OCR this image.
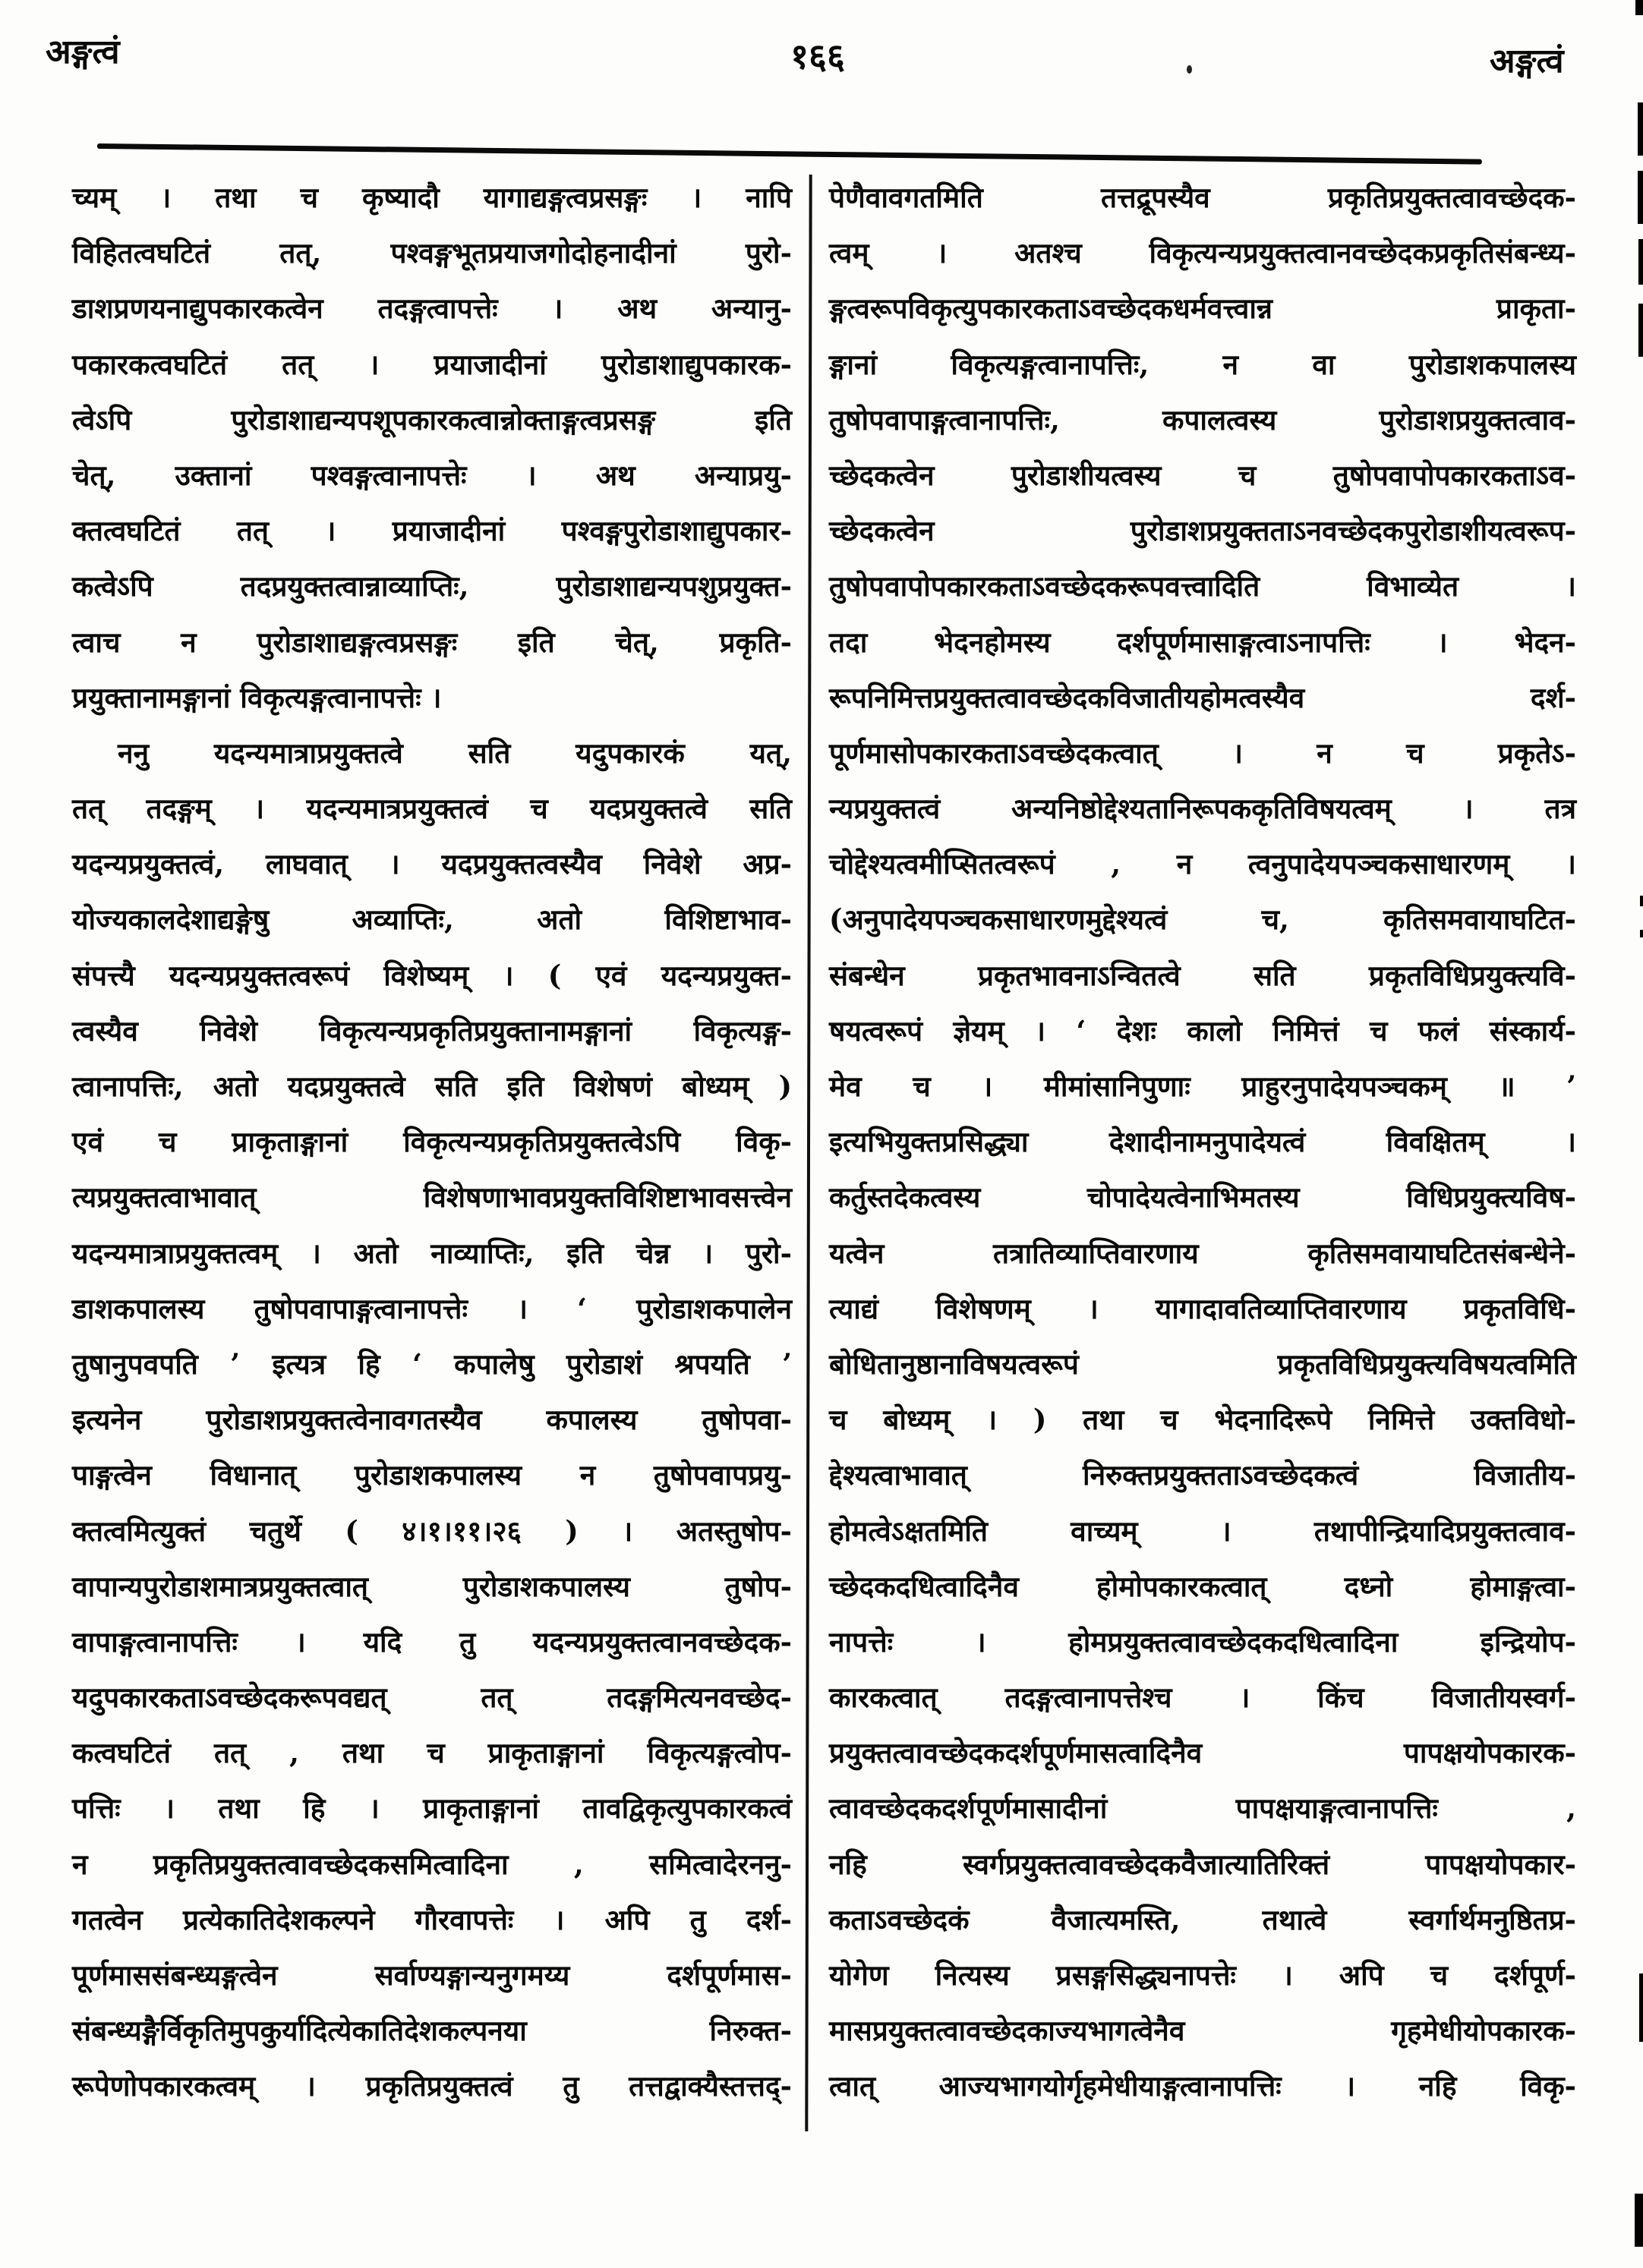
अङ्गत्वं	१६६	अङ्गत्वं
च्यम् । तथा च कृष्यादौ यागाद्यङ्गत्वप्रसङ्गः । नापि
विहितत्वघटितं तत्, पश्वङ्गभूतप्रयाजगोदोहनादीनां पुरो-
डाशप्रणयनाद्युपकारकत्वेन तदङ्गत्वापत्तेः । अथ अन्यानु-
पकारकत्वघटितं तत् । प्रयाजादीनां पुरोडाशाद्युपकारक-
त्वेऽपि पुरोडाशाद्यन्यपशूपकारकत्वान्नोक्ताङ्गत्वप्रसङ्ग इति
चेत्, उक्तानां पश्वङ्गत्वानापत्तेः । अथ अन्याप्रयु-
क्तत्वघटितं तत् । प्रयाजादीनां पश्वङ्गपुरोडाशाद्युपकार-
कत्वेऽपि तदप्रयुक्तत्वान्नाव्याप्तिः, पुरोडाशाद्यन्यपशुप्रयुक्त-
त्वाच न पुरोडाशाद्यङ्गत्वप्रसङ्गः इति चेत्, प्रकृति-
प्रयुक्तानामङ्गानां विकृत्यङ्गत्वानापत्तेः ।
ननु यदन्यमात्राप्रयुक्तत्वे सति यदुपकारकं यत्,
तत् तदङ्गम् । यदन्यमात्रप्रयुक्तत्वं च यदप्रयुक्तत्वे सति
यदन्यप्रयुक्तत्वं, लाघवात् । यदप्रयुक्तत्वस्यैव निवेशे अप्र-
योज्यकालदेशाद्यङ्गेषु अव्याप्तिः, अतो विशिष्टाभाव-
संपत्त्यै यदन्यप्रयुक्तत्वरूपं विशेष्यम् । ( एवं यदन्यप्रयुक्त-
त्वस्यैव निवेशे विकृत्यन्यप्रकृतिप्रयुक्तानामङ्गानां विकृत्यङ्ग-
त्वानापत्तिः, अतो यदप्रयुक्तत्वे सति इति विशेषणं बोध्यम् )
एवं च प्राकृताङ्गानां विकृत्यन्यप्रकृतिप्रयुक्तत्वेऽपि विकृ-
त्यप्रयुक्तत्वाभावात् विशेषणाभावप्रयुक्तविशिष्टाभावसत्त्वेन
यदन्यमात्राप्रयुक्तत्वम् । अतो नाव्याप्तिः, इति चेन्न । पुरो-
डाशकपालस्य तुषोपवापाङ्गत्वानापत्तेः । ‘ पुरोडाशकपालेन
तुषानुपवपति ’ इत्यत्र हि ‘ कपालेषु पुरोडाशं श्रपयति ’
इत्यनेन पुरोडाशप्रयुक्तत्वेनावगतस्यैव कपालस्य तुषोपवा-
पाङ्गत्वेन विधानात् पुरोडाशकपालस्य न तुषोपवापप्रयु-
क्तत्वमित्युक्तं चतुर्थे ( ४।१।११।२६ ) । अतस्तुषोप-
वापान्यपुरोडाशमात्रप्रयुक्तत्वात् पुरोडाशकपालस्य तुषोप-
वापाङ्गत्वानापत्तिः । यदि तु यदन्यप्रयुक्तत्वानवच्छेदक-
यदुपकारकताऽवच्छेदकरूपवद्यत् तत् तदङ्गमित्यनवच्छेद-
कत्वघटितं तत् , तथा च प्राकृताङ्गानां विकृत्यङ्गत्वोप-
पत्तिः । तथा हि । प्राकृताङ्गानां तावद्विकृत्युपकारकत्वं
न प्रकृतिप्रयुक्तत्वावच्छेदकसमित्वादिना , समित्वादेरननु-
गतत्वेन प्रत्येकातिदेशकल्पने गौरवापत्तेः । अपि तु दर्श-
पूर्णमाससंबन्ध्यङ्गत्वेन सर्वाण्यङ्गान्यनुगमय्य दर्शपूर्णमास-
संबन्ध्यङ्गैर्विकृतिमुपकुर्यादित्येकातिदेशकल्पनया निरुक्त-
रूपेणोपकारकत्वम् । प्रकृतिप्रयुक्तत्वं तु तत्तद्वाक्यैस्तत्तद्-
पेणैवावगतमिति तत्तद्रूपस्यैव प्रकृतिप्रयुक्तत्वावच्छेदक-
त्वम् । अतश्च विकृत्यन्यप्रयुक्तत्वानवच्छेदकप्रकृतिसंबन्ध्य-
ङ्गत्वरूपविकृत्युपकारकताऽवच्छेदकधर्मवत्त्वान्न प्राकृता-
ङ्गानां विकृत्यङ्गत्वानापत्तिः, न वा पुरोडाशकपालस्य
तुषोपवापाङ्गत्वानापत्तिः, कपालत्वस्य पुरोडाशप्रयुक्तत्वाव-
च्छेदकत्वेन पुरोडाशीयत्वस्य च तुषोपवापोपकारकताऽव-
च्छेदकत्वेन पुरोडाशप्रयुक्तताऽनवच्छेदकपुरोडाशीयत्वरूप-
तुषोपवापोपकारकताऽवच्छेदकरूपवत्त्वादिति विभाव्येत ।
तदा भेदनहोमस्य दर्शपूर्णमासाङ्गत्वाऽनापत्तिः । भेदन-
रूपनिमित्तप्रयुक्तत्वावच्छेदकविजातीयहोमत्वस्यैव दर्श-
पूर्णमासोपकारकताऽवच्छेदकत्वात् । न च प्रकृतेऽ-
न्यप्रयुक्तत्वं अन्यनिष्ठोद्देश्यतानिरूपककृतिविषयत्वम् । तत्र
चोद्देश्यत्वमीप्सितत्वरूपं , न त्वनुपादेयपञ्चकसाधारणम् ।
(अनुपादेयपञ्चकसाधारणमुद्देश्यत्वं च, कृतिसमवायाघटित-
संबन्धेन प्रकृतभावनाऽन्वितत्वे सति प्रकृतविधिप्रयुक्त्यवि-
षयत्वरूपं ज्ञेयम् । ‘ देशः कालो निमित्तं च फलं संस्कार्य-
मेव च । मीमांसानिपुणाः प्राहुरनुपादेयपञ्चकम् ॥ ’
इत्यभियुक्तप्रसिद्ध्या देशादीनामनुपादेयत्वं विवक्षितम् ।
कर्तुस्तदेकत्वस्य चोपादेयत्वेनाभिमतस्य विधिप्रयुक्त्यविष-
यत्वेन तत्रातिव्याप्तिवारणाय कृतिसमवायाघटितसंबन्धेने-
त्याद्यं विशेषणम् । यागादावतिव्याप्तिवारणाय प्रकृतविधि-
बोधितानुष्ठानाविषयत्वरूपं प्रकृतविधिप्रयुक्त्यविषयत्वमिति
च बोध्यम् । ) तथा च भेदनादिरूपे निमित्ते उक्तविधो-
द्देश्यत्वाभावात् निरुक्तप्रयुक्तताऽवच्छेदकत्वं विजातीय-
होमत्वेऽक्षतमिति वाच्यम् । तथापीन्द्रियादिप्रयुक्तत्वाव-
च्छेदकदधित्वादिनैव होमोपकारकत्वात् दध्नो होमाङ्गत्वा-
नापत्तेः । होमप्रयुक्तत्वावच्छेदकदधित्वादिना इन्द्रियोप-
कारकत्वात् तदङ्गत्वानापत्तेश्च । किंच विजातीयस्वर्ग-
प्रयुक्तत्वावच्छेदकदर्शपूर्णमासत्वादिनैव पापक्षयोपकारक-
त्वावच्छेदकदर्शपूर्णमासादीनां पापक्षयाङ्गत्वानापत्तिः ,
नहि स्वर्गप्रयुक्तत्वावच्छेदकवैजात्यातिरिक्तं पापक्षयोपकार-
कताऽवच्छेदकं वैजात्यमस्ति, तथात्वे स्वर्गार्थमनुष्ठितप्र-
योगेण नित्यस्य प्रसङ्गसिद्ध्यनापत्तेः । अपि च दर्शपूर्ण-
मासप्रयुक्तत्वावच्छेदकाज्यभागत्वेनैव गृहमेधीयोपकारक-
त्वात् आज्यभागयोर्गृहमेधीयाङ्गत्वानापत्तिः । नहि विकृ-
